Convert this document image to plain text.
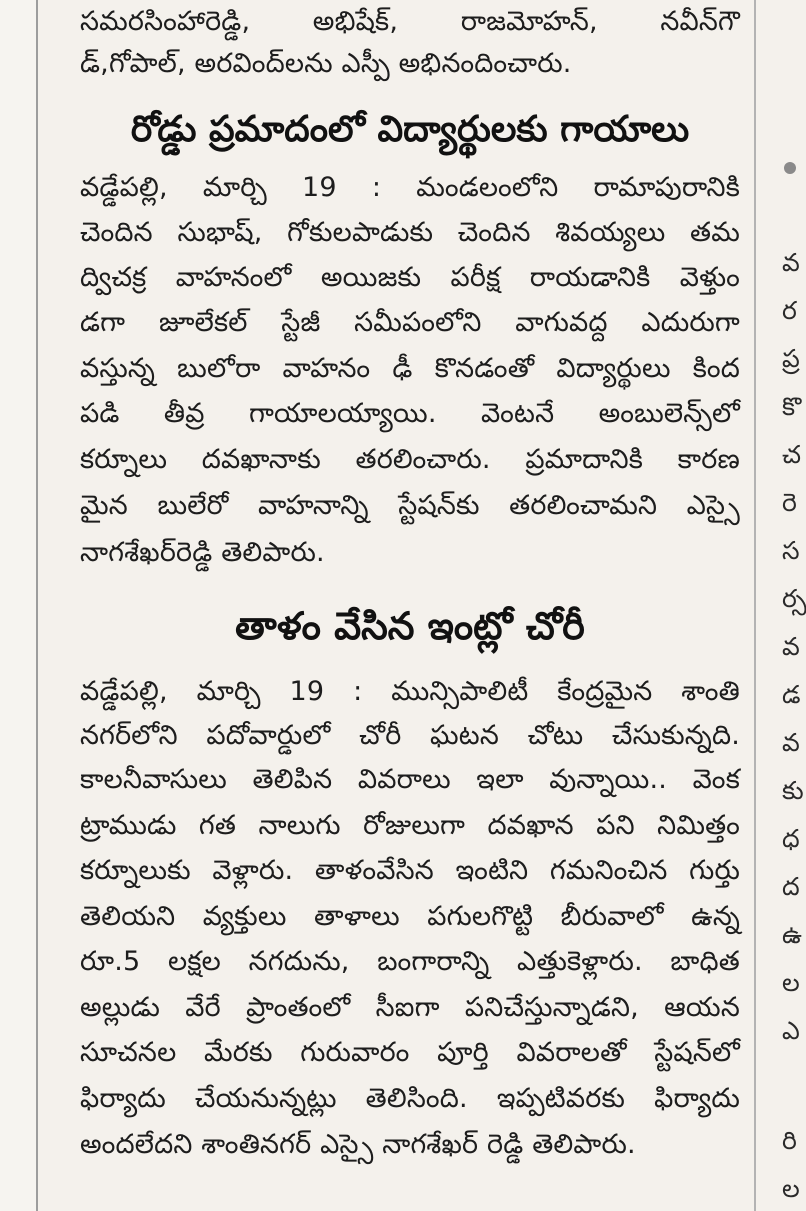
సమరసింహారెడ్డి, అభిషేక్, రాజమోహన్, నవీన్‌గౌ
డ్,గోపాల్, అరవింద్‌లను ఎస్పీ అభినందించారు.
రోడ్డు ప్రమాదంలో విద్యార్థులకు గాయాలు
వడ్డేపల్లి, మార్చి 19 : మండలంలోని రామాపురానికి
చెందిన సుభాష్, గోకులపాడుకు చెందిన శివయ్యలు తమ
ద్విచక్ర వాహనంలో అయిజకు పరీక్ష రాయడానికి వెళ్తుం
డగా జూలేకల్ స్టేజీ సమీపంలోని వాగువద్ద ఎదురుగా
వస్తున్న బులోరా వాహనం ఢీ కొనడంతో విద్యార్థులు కింద
పడి తీవ్ర గాయాలయ్యాయి. వెంటనే అంబులెన్స్‌లో
కర్నూలు దవఖానాకు తరలించారు. ప్రమాదానికి కారణ
మైన బులేరో వాహనాన్ని స్టేషన్‌కు తరలించామని ఎస్సై
నాగశేఖర్‌రెడ్డి తెలిపారు.
తాళం వేసిన ఇంట్లో చోరీ
వడ్డేపల్లి, మార్చి 19 : మున్సిపాలిటీ కేంద్రమైన శాంతి
నగర్‌లోని పదోవార్డులో చోరీ ఘటన చోటు చేసుకున్నది.
కాలనీవాసులు తెలిపిన వివరాలు ఇలా వున్నాయి.. వెంక
ట్రాముడు గత నాలుగు రోజులుగా దవఖాన పని నిమిత్తం
కర్నూలుకు వెళ్లారు. తాళంవేసిన ఇంటిని గమనించిన గుర్తు
తెలియని వ్యక్తులు తాళాలు పగులగొట్టి బీరువాలో ఉన్న
రూ.5 లక్షల నగదును, బంగారాన్ని ఎత్తుకెళ్లారు. బాధిత
అల్లుడు వేరే ప్రాంతంలో సీఐగా పనిచేస్తున్నాడని, ఆయన
సూచనల మేరకు గురువారం పూర్తి వివరాలతో స్టేషన్‌లో
ఫిర్యాదు చేయనున్నట్లు తెలిసింది. ఇప్పటివరకు ఫిర్యాదు
అందలేదని శాంతినగర్ ఎస్సై నాగశేఖర్ రెడ్డి తెలిపారు.
వ
ర
ప్ర
కొ
చ
రె
స
ర్స
వ
డ
వ
కు
ధ
ద
ఉ
ల
ఎ
రి
ల
